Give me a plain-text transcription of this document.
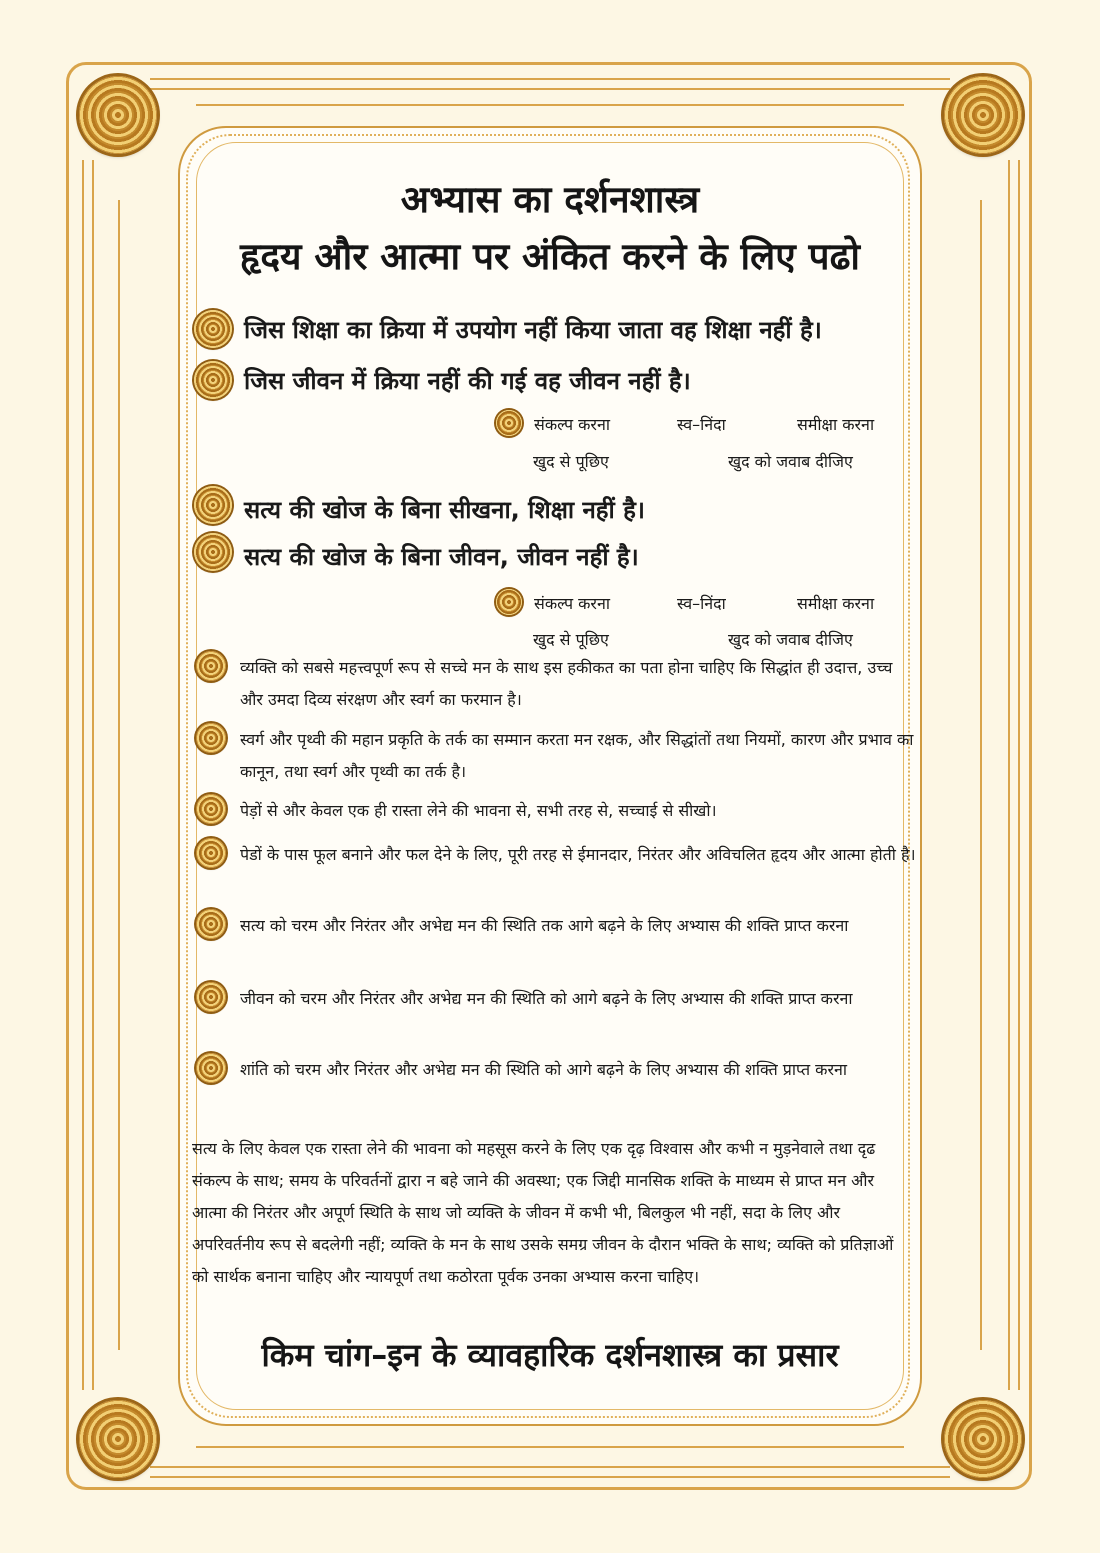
अभ्यास का दर्शनशास्त्र
हृदय और आत्मा पर अंकित करने के लिए पढो
जिस शिक्षा का क्रिया में उपयोग नहीं किया जाता वह शिक्षा नहीं है।
जिस जीवन में क्रिया नहीं की गई वह जीवन नहीं है।
संकल्प करना	स्व–निंदा	समीक्षा करना
खुद से पूछिए	खुद को जवाब दीजिए
सत्य की खोज के बिना सीखना, शिक्षा नहीं है।
सत्य की खोज के बिना जीवन, जीवन नहीं है।
संकल्प करना	स्व–निंदा	समीक्षा करना
खुद से पूछिए	खुद को जवाब दीजिए
व्यक्ति को सबसे महत्त्वपूर्ण रूप से सच्चे मन के साथ इस हकीकत का पता होना चाहिए कि सिद्धांत ही उदात्त, उच्च और उमदा दिव्य संरक्षण और स्वर्ग का फरमान है।
स्वर्ग और पृथ्वी की महान प्रकृति के तर्क का सम्मान करता मन रक्षक, और सिद्धांतों तथा नियमों, कारण और प्रभाव का कानून, तथा स्वर्ग और पृथ्वी का तर्क है।
पेड़ों से और केवल एक ही रास्ता लेने की भावना से, सभी तरह से, सच्चाई से सीखो।
पेडों के पास फूल बनाने और फल देने के लिए, पूरी तरह से ईमानदार, निरंतर और अविचलित हृदय और आत्मा होती है।
सत्य को चरम और निरंतर और अभेद्य मन की स्थिति तक आगे बढ़ने के लिए अभ्यास की शक्ति प्राप्त करना
जीवन को चरम और निरंतर और अभेद्य मन की स्थिति को आगे बढ़ने के लिए अभ्यास की शक्ति प्राप्त करना
शांति को चरम और निरंतर और अभेद्य मन की स्थिति को आगे बढ़ने के लिए अभ्यास की शक्ति प्राप्त करना
सत्य के लिए केवल एक रास्ता लेने की भावना को महसूस करने के लिए एक दृढ़ विश्वास और कभी न मुड़नेवाले तथा दृढ संकल्प के साथ; समय के परिवर्तनों द्वारा न बहे जाने की अवस्था; एक जिद्दी मानसिक शक्ति के माध्यम से प्राप्त मन और आत्मा की निरंतर और अपूर्ण स्थिति के साथ जो व्यक्ति के जीवन में कभी भी, बिलकुल भी नहीं, सदा के लिए और अपरिवर्तनीय रूप से बदलेगी नहीं; व्यक्ति के मन के साथ उसके समग्र जीवन के दौरान भक्ति के साथ; व्यक्ति को प्रतिज्ञाओं को सार्थक बनाना चाहिए और न्यायपूर्ण तथा कठोरता पूर्वक उनका अभ्यास करना चाहिए।
किम चांग–इन के व्यावहारिक दर्शनशास्त्र का प्रसार
